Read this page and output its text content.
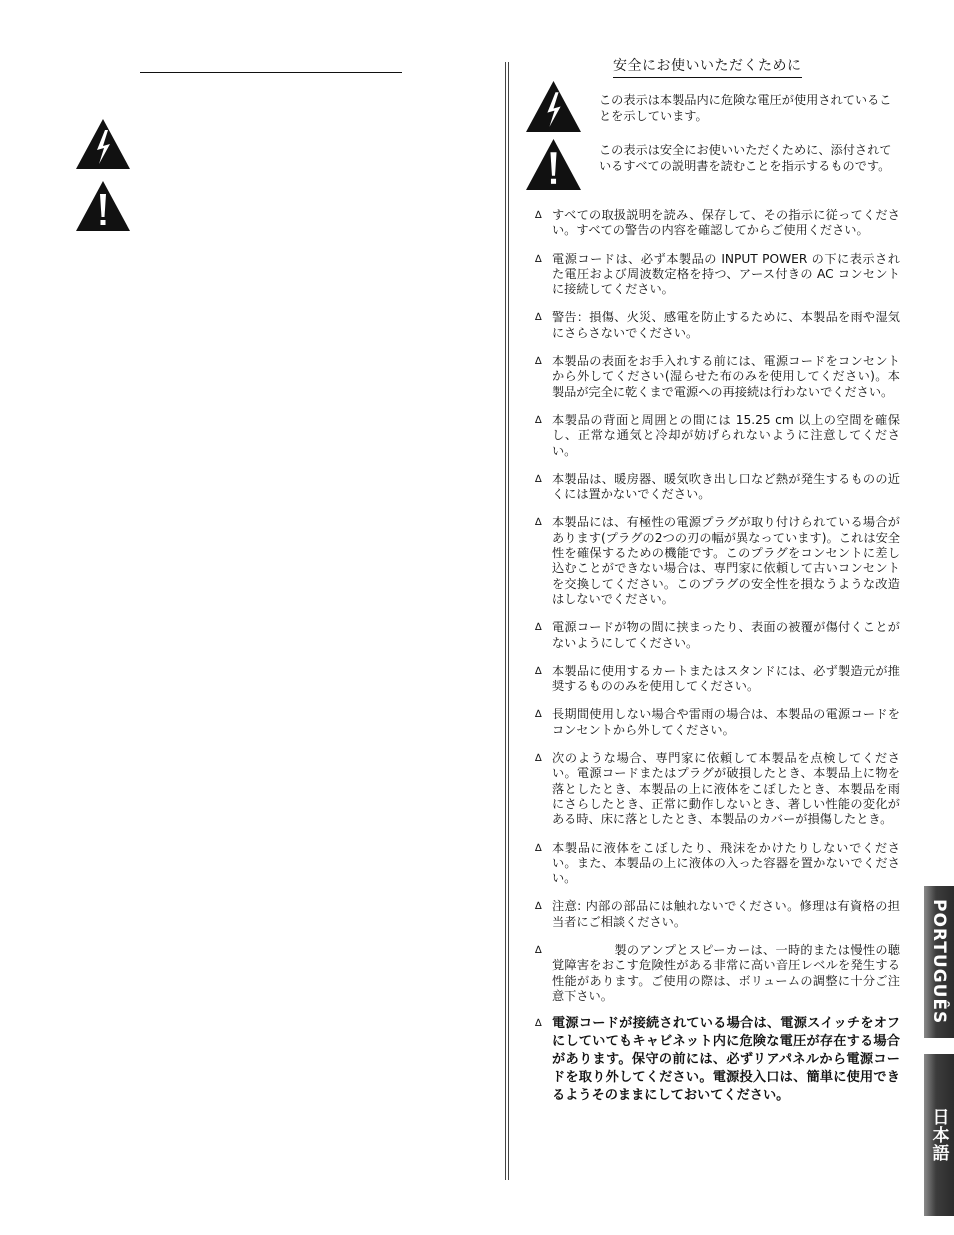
安全にお使いいただくために
この表示は本製品内に危険な電圧が使用されていることを示しています。
この表示は安全にお使いいただくために、添付されているすべての説明書を読むことを指示するものです。
∆ すべての取扱説明を読み、保存して、その指示に従ってください。すべての警告の内容を確認してからご使用ください。
∆ 電源コードは、必ず本製品の INPUT POWER の下に表示された電圧および周波数定格を持つ、アース付きの AC コンセントに接続してください。
∆ 警告：損傷、火災、感電を防止するために、本製品を雨や湿気にさらさないでください。
∆ 本製品の表面をお手入れする前には、電源コードをコンセントから外してください(湿らせた布のみを使用してください)。本製品が完全に乾くまで電源への再接続は行わないでください。
∆ 本製品の背面と周囲との間には 15.25 cm 以上の空間を確保し、正常な通気と冷却が妨げられないように注意してください。
∆ 本製品は、暖房器、暖気吹き出し口など熱が発生するものの近くには置かないでください。
∆ 本製品には、有極性の電源プラグが取り付けられている場合があります(プラグの2つの刃の幅が異なっています)。これは安全性を確保するための機能です。このプラグをコンセントに差し込むことができない場合は、専門家に依頼して古いコンセントを交換してください。このプラグの安全性を損なうような改造はしないでください。
∆ 電源コードが物の間に挟まったり、表面の被覆が傷付くことがないようにしてください。
∆ 本製品に使用するカートまたはスタンドには、必ず製造元が推奨するもののみを使用してください。
∆ 長期間使用しない場合や雷雨の場合は、本製品の電源コードをコンセントから外してください。
∆ 次のような場合、専門家に依頼して本製品を点検してください。電源コードまたはプラグが破損したとき、本製品上に物を落としたとき、本製品の上に液体をこぼしたとき、本製品を雨にさらしたとき、正常に動作しないとき、著しい性能の変化がある時、床に落としたとき、本製品のカバーが損傷したとき。
∆ 本製品に液体をこぼしたり、飛沫をかけたりしないでください。また、本製品の上に液体の入った容器を置かないでください。
∆ 注意: 内部の部品には触れないでください。修理は有資格の担当者にご相談ください。
∆ 　　　　　製のアンプとスピーカーは、一時的または慢性の聴覚障害をおこす危険性がある非常に高い音圧レベルを発生する性能があります。ご使用の際は、ボリュームの調整に十分ご注意下さい。
∆ 電源コードが接続されている場合は、電源スイッチをオフにしていてもキャビネット内に危険な電圧が存在する場合があります。保守の前には、必ずリアパネルから電源コードを取り外してください。電源投入口は、簡単に使用できるようそのままにしておいてください。
PORTUGUÊS
日本語
